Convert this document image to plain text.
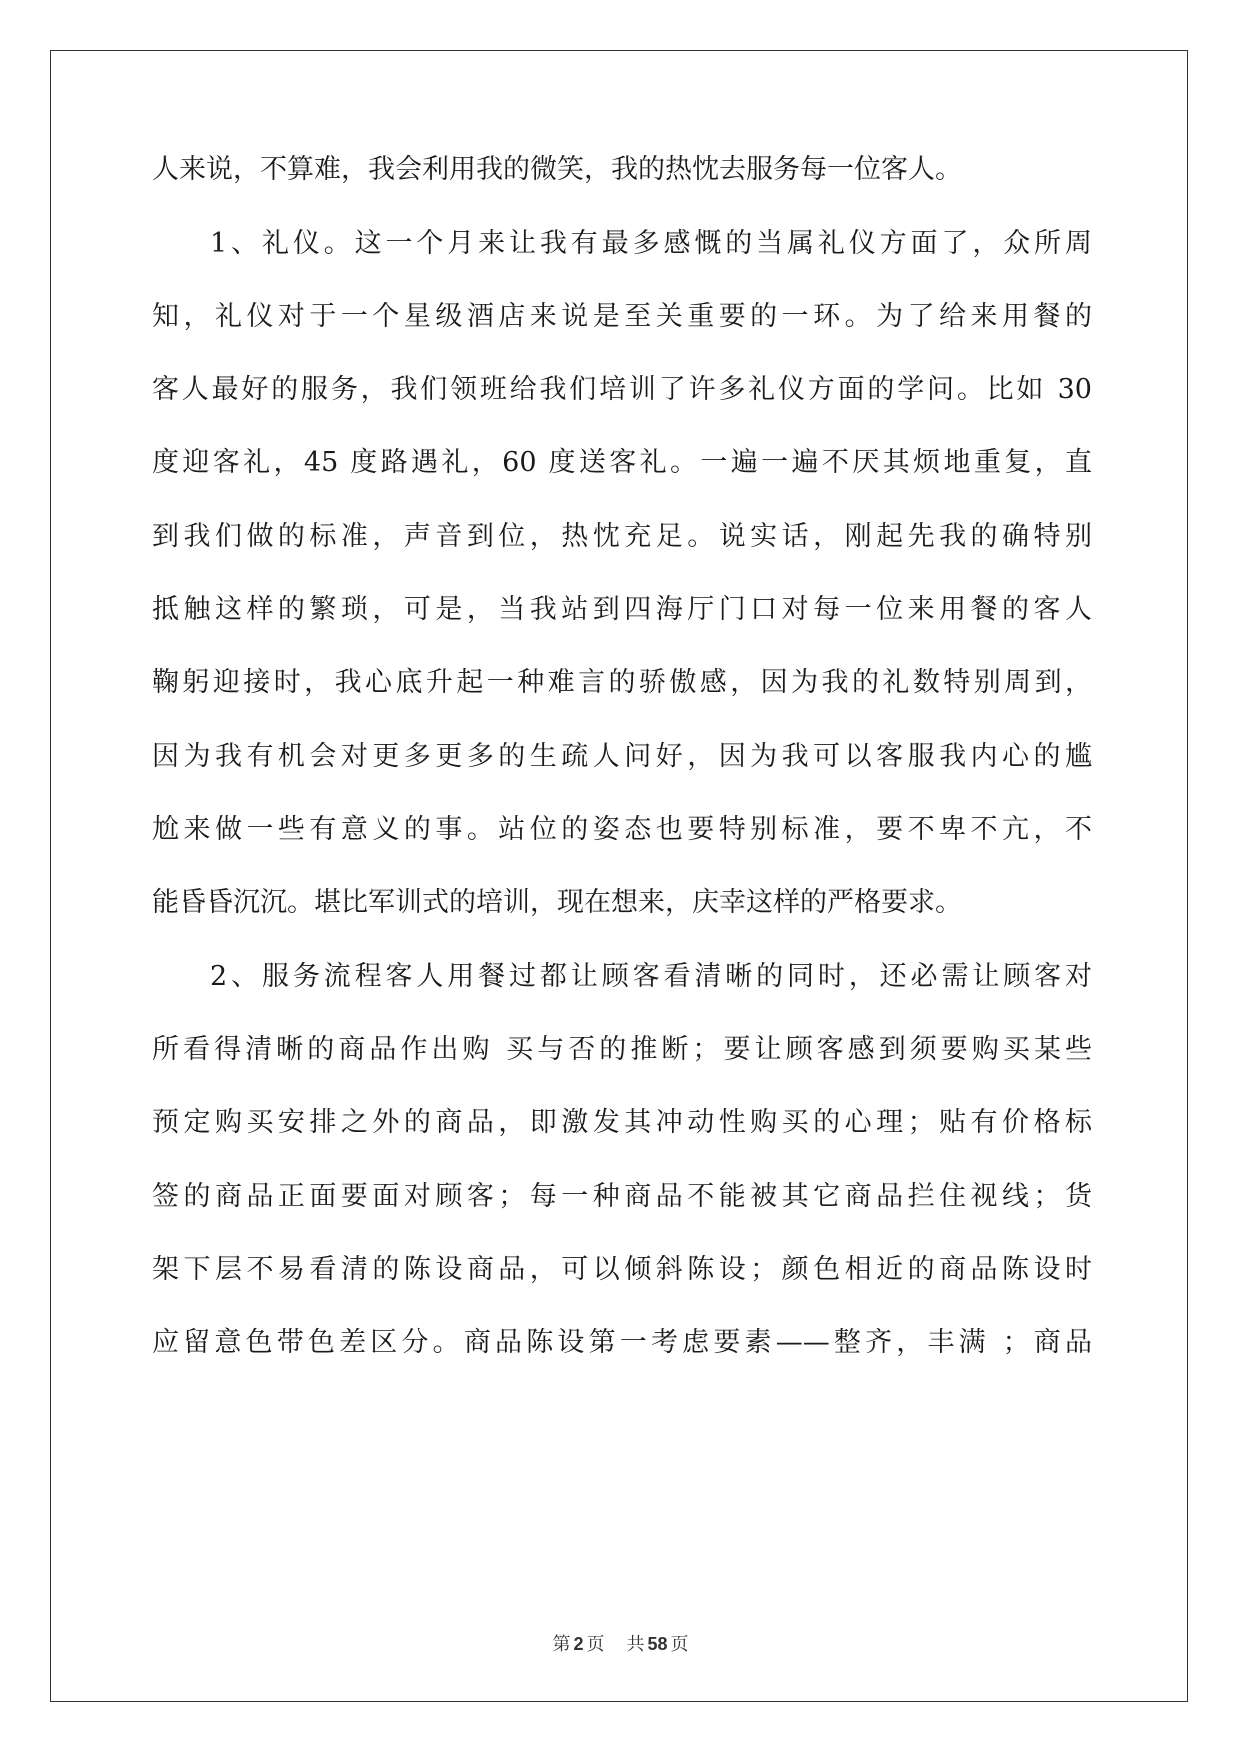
人来说，不算难，我会利用我的微笑，我的热忱去服务每一位客人。
1、礼仪。这一个月来让我有最多感慨的当属礼仪方面了，众所周
知，礼仪对于一个星级酒店来说是至关重要的一环。为了给来用餐的
客人最好的服务，我们领班给我们培训了许多礼仪方面的学问。比如 30
度迎客礼，45 度路遇礼，60 度送客礼。一遍一遍不厌其烦地重复，直
到我们做的标准，声音到位，热忱充足。说实话，刚起先我的确特别
抵触这样的繁琐，可是，当我站到四海厅门口对每一位来用餐的客人
鞠躬迎接时，我心底升起一种难言的骄傲感，因为我的礼数特别周到，
因为我有机会对更多更多的生疏人问好，因为我可以客服我内心的尴
尬来做一些有意义的事。站位的姿态也要特别标准，要不卑不亢，不
能昏昏沉沉。堪比军训式的培训，现在想来，庆幸这样的严格要求。
2、服务流程客人用餐过都让顾客看清晰的同时，还必需让顾客对
所看得清晰的商品作出购 买与否的推断；要让顾客感到须要购买某些
预定购买安排之外的商品，即激发其冲动性购买的心理；贴有价格标
签的商品正面要面对顾客；每一种商品不能被其它商品拦住视线；货
架下层不易看清的陈设商品，可以倾斜陈设；颜色相近的商品陈设时
应留意色带色差区分。商品陈设第一考虑要素——整齐，丰满 ；商品
第 2 页 共 58 页
